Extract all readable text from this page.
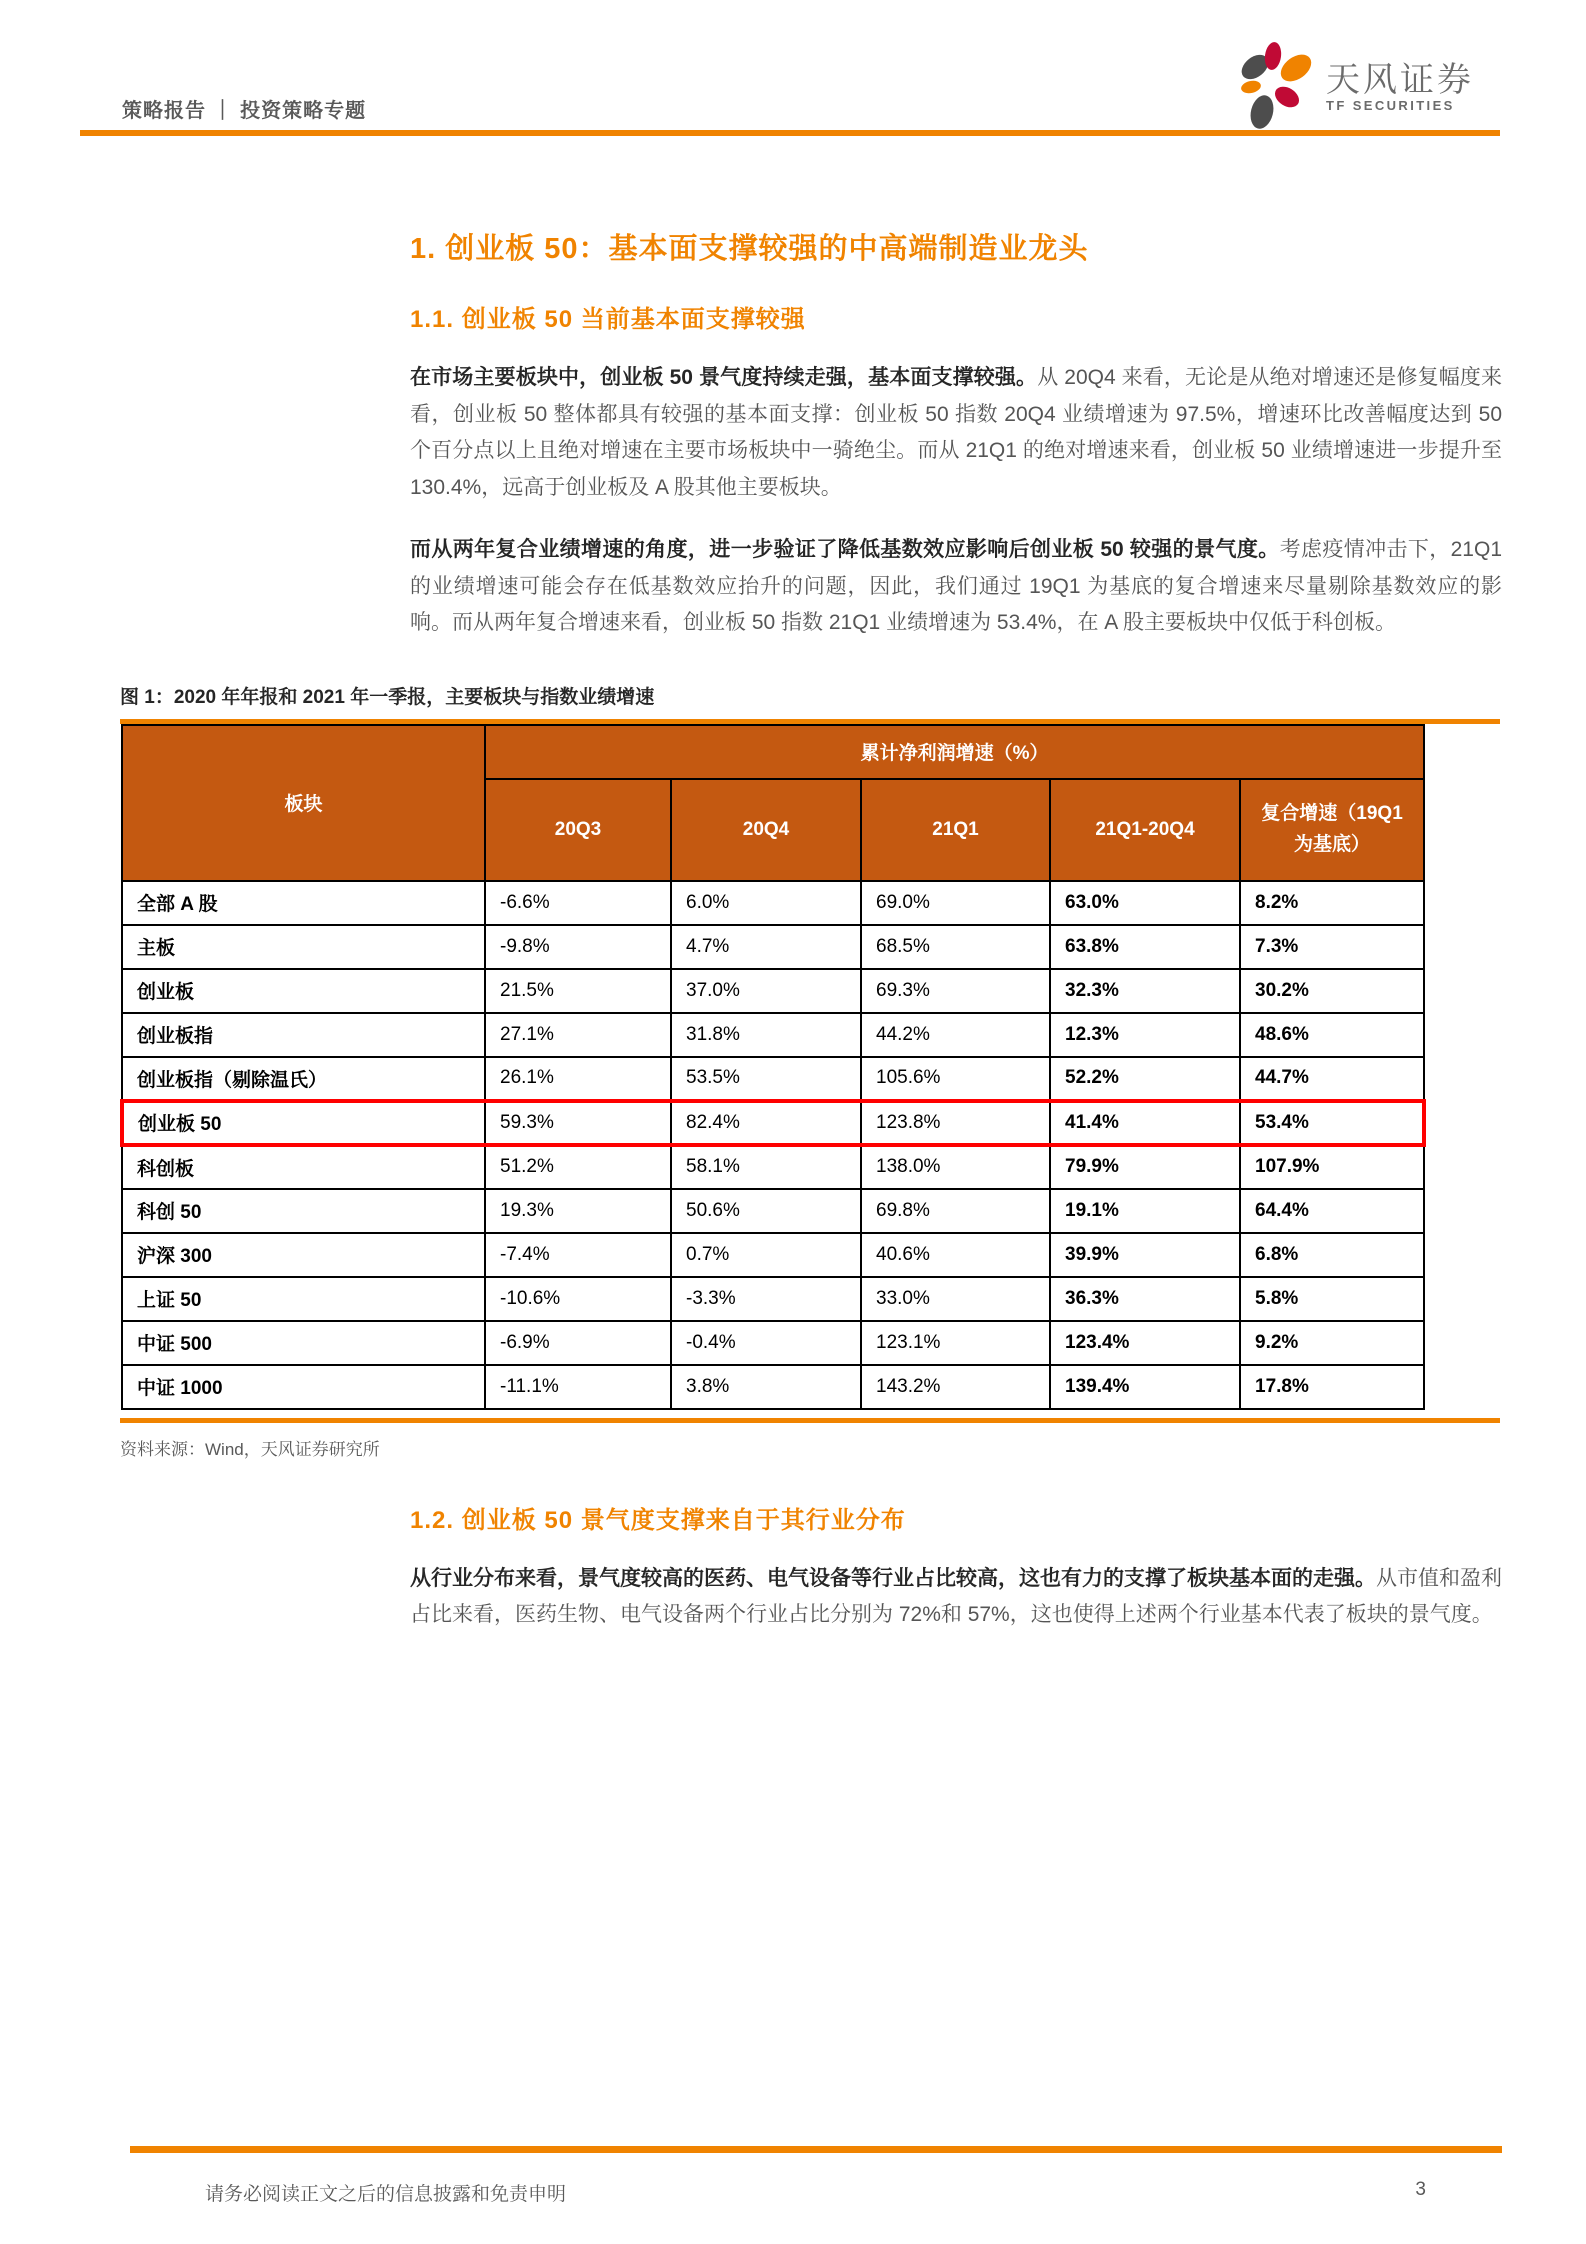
策略报告 ｜ 投资策略专题
天风证券
TF SECURITIES
1. 创业板 50：基本面支撑较强的中高端制造业龙头
1.1. 创业板 50 当前基本面支撑较强

在市场主要板块中，创业板 50 景气度持续走强，基本面支撑较强。从 20Q4 来看，无论是从绝对增速还是修复幅度来看，创业板 50 整体都具有较强的基本面支撑：创业板 50 指数 20Q4 业绩增速为 97.5%，增速环比改善幅度达到 50 个百分点以上且绝对增速在主要市场板块中一骑绝尘。而从 21Q1 的绝对增速来看，创业板 50 业绩增速进一步提升至 130.4%，远高于创业板及 A 股其他主要板块。

而从两年复合业绩增速的角度，进一步验证了降低基数效应影响后创业板 50 较强的景气度。考虑疫情冲击下，21Q1 的业绩增速可能会存在低基数效应抬升的问题，因此，我们通过 19Q1 为基底的复合增速来尽量剔除基数效应的影响。而从两年复合增速来看，创业板 50 指数 21Q1 业绩增速为 53.4%，在 A 股主要板块中仅低于科创板。

图 1：2020 年年报和 2021 年一季报，主要板块与指数业绩增速
板块	累计净利润增速（%）				
	20Q3	20Q4	21Q1	21Q1-20Q4	复合增速（19Q1 为基底）
全部 A 股	-6.6%	6.0%	69.0%	63.0%	8.2%
主板	-9.8%	4.7%	68.5%	63.8%	7.3%
创业板	21.5%	37.0%	69.3%	32.3%	30.2%
创业板指	27.1%	31.8%	44.2%	12.3%	48.6%
创业板指（剔除温氏）	26.1%	53.5%	105.6%	52.2%	44.7%
创业板 50	59.3%	82.4%	123.8%	41.4%	53.4%
科创板	51.2%	58.1%	138.0%	79.9%	107.9%
科创 50	19.3%	50.6%	69.8%	19.1%	64.4%
沪深 300	-7.4%	0.7%	40.6%	39.9%	6.8%
上证 50	-10.6%	-3.3%	33.0%	36.3%	5.8%
中证 500	-6.9%	-0.4%	123.1%	123.4%	9.2%
中证 1000	-11.1%	3.8%	143.2%	139.4%	17.8%
资料来源：Wind，天风证券研究所
1.2. 创业板 50 景气度支撑来自于其行业分布

从行业分布来看，景气度较高的医药、电气设备等行业占比较高，这也有力的支撑了板块基本面的走强。从市值和盈利占比来看，医药生物、电气设备两个行业占比分别为 72%和 57%，这也使得上述两个行业基本代表了板块的景气度。

请务必阅读正文之后的信息披露和免责申明	3
